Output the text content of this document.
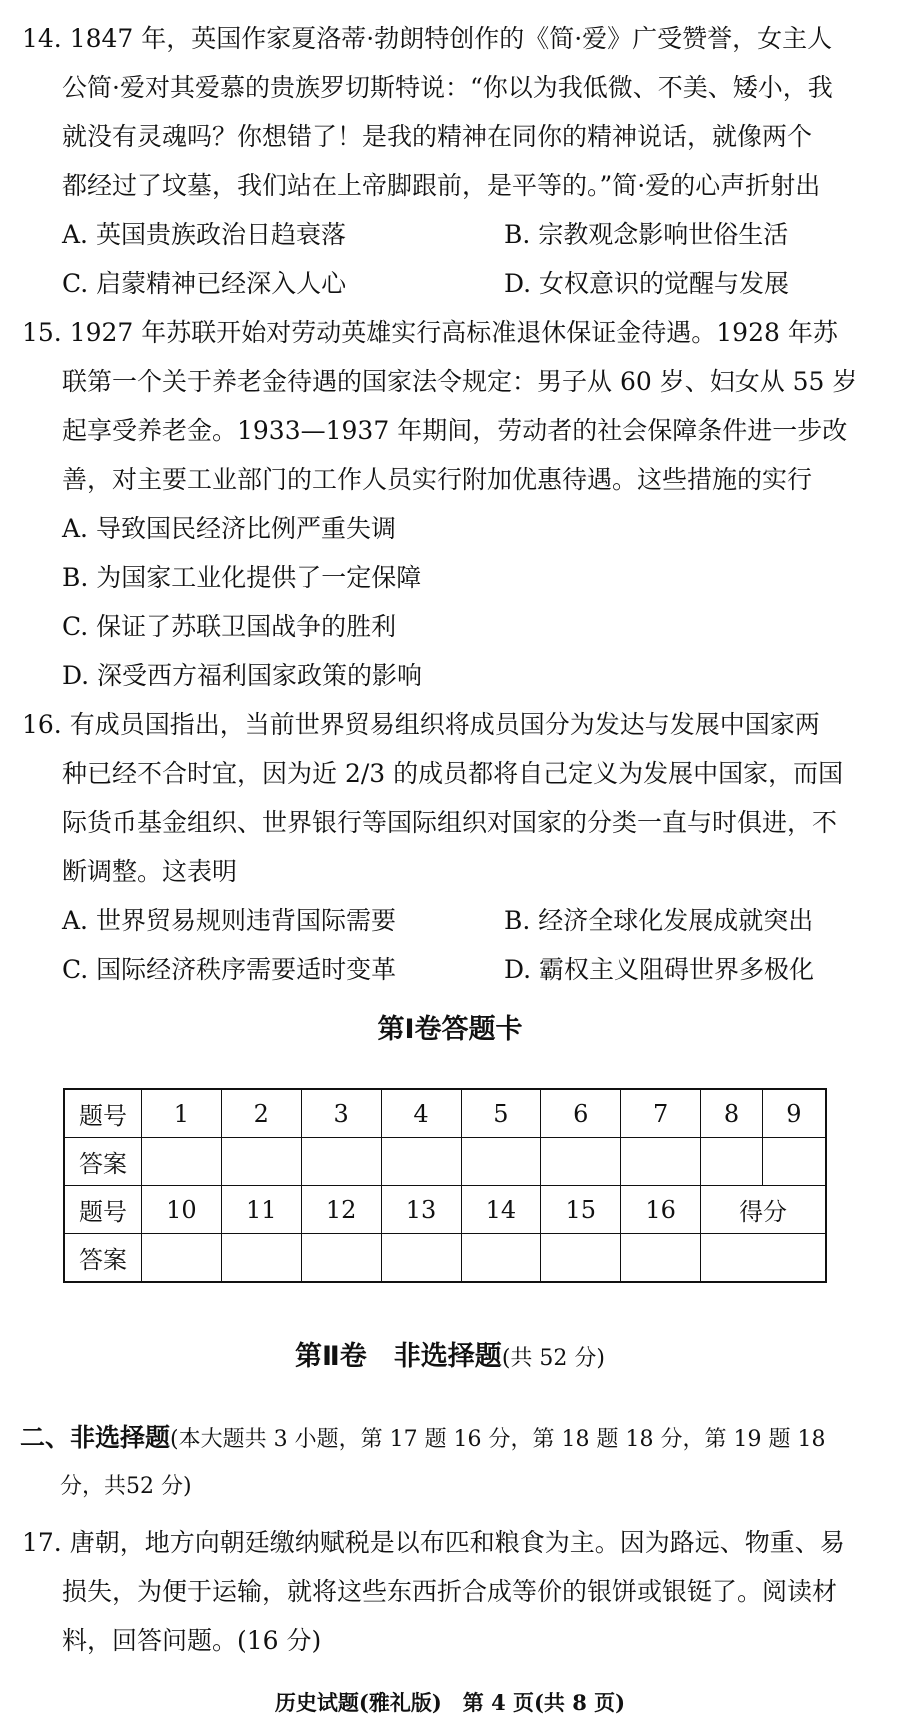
14. 1847 年，英国作家夏洛蒂·勃朗特创作的《简·爱》广受赞誉，女主人
公简·爱对其爱慕的贵族罗切斯特说：“你以为我低微、不美、矮小，我
就没有灵魂吗？你想错了！是我的精神在同你的精神说话，就像两个
都经过了坟墓，我们站在上帝脚跟前，是平等的。”简·爱的心声折射出
A. 英国贵族政治日趋衰落	B. 宗教观念影响世俗生活
C. 启蒙精神已经深入人心	D. 女权意识的觉醒与发展
15. 1927 年苏联开始对劳动英雄实行高标准退休保证金待遇。1928 年苏
联第一个关于养老金待遇的国家法令规定：男子从 60 岁、妇女从 55 岁
起享受养老金。1933—1937 年期间，劳动者的社会保障条件进一步改
善，对主要工业部门的工作人员实行附加优惠待遇。这些措施的实行
A. 导致国民经济比例严重失调
B. 为国家工业化提供了一定保障
C. 保证了苏联卫国战争的胜利
D. 深受西方福利国家政策的影响
16. 有成员国指出，当前世界贸易组织将成员国分为发达与发展中国家两
种已经不合时宜，因为近 2/3 的成员都将自己定义为发展中国家，而国
际货币基金组织、世界银行等国际组织对国家的分类一直与时俱进，不
断调整。这表明
A. 世界贸易规则违背国际需要	B. 经济全球化发展成就突出
C. 国际经济秩序需要适时变革	D. 霸权主义阻碍世界多极化
第Ⅰ卷答题卡
题号	1	2	3	4	5	6	7	8	9
答案									
题号	10	11	12	13	14	15	16	得分	
答案									
第Ⅱ卷　非选择题(共 52 分)
二、非选择题(本大题共 3 小题，第 17 题 16 分，第 18 题 18 分，第 19 题 18
分，共52 分)
17. 唐朝，地方向朝廷缴纳赋税是以布匹和粮食为主。因为路远、物重、易
损失，为便于运输，就将这些东西折合成等价的银饼或银铤了。阅读材
料，回答问题。(16 分)
历史试题(雅礼版)　第 4 页(共 8 页)
